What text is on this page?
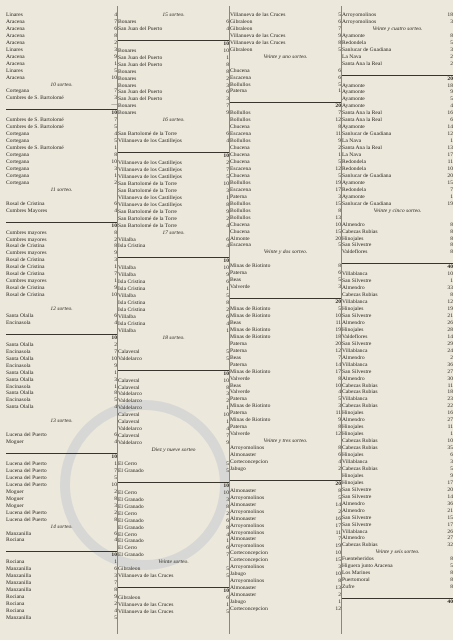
Linares	4
Aracena	7
Aracena	6
Aracena	8
Aracena	2
Linares	3
Aracena	9
Aracena	1
Linares	5
Aracena	10
10 sorteo.
Cortegana	7
Cumbres de S. Bartolomé	3
—
10
Cumbres de S. Bartolomé	7
Cumbres de S. Bartolomé	5
Cortegana	4
Cortegana	5
Cumbres de S. Bartolomé	1
Cortegana	8
Cortegana	10
Cortegana	3
Cortegana	1
Cortegana	2
11 sorteo.
Rosal de Cristina	6
Cumbres Mayores	4
10
Cumbres mayores	8
Cumbres mayores	2
Rosal de Cristina	8
Cumbres mayores	9
Rosal de Cristina	3
Rosal de Cristina	1
Rosal de Cristina	7
Cumbres mayores	1
Rosal de Cristina	9
Rosal de Cristina	10
12 sorteo.
Santa Olalla	6
Encinasola	4
10
Santa Olalla	2
Encinasola	7
Santa Olalla	10
Encinasola	9
Santa Olalla	1
Santa Olalla	3
Encinasola	1
Santa Olalla	8
Encinasola	5
Santa Olalla	4
13 sorteo.
Lucena del Puerto	6
Moguer	4
10
Lucena del Puerto	1
Lucena del Puerto	7
Lucena del Puerto	5
Lucena del Puerto	10
Moguer	2
Moguer	8
Moguer	3
Lucena del Puerto	2
Lucena del Puerto	8
14 sorteo.
Manzanilla	6
Rociana	4
10
Rociana	1
Manzanilla	6
Manzanilla	3
Manzanilla	7
Manzanilla	8
Rociana	9
Rociana	2
Rociana	4
Manzanilla	5
15 sorteo.
Bonares	6
San Juan del Puerto	4
10
Bonares	10
San Juan del Puerto	1
San Juan del Puerto	8
Bonares	8
Bonares	2
Bonares	3
San Juan del Puerto	6
San Juan del Puerto	3
Bonares	7
Bonares	9
16 sorteo.
San Bartolomé de la Torre	6
Villanueva de los Castillejos	4
10
Villanueva de los Castillejos	2
Villanueva de los Castillejos	7
Villanueva de los Castillejos	5
San Bartolomé de la Torre	10
San Bartolomé de la Torre	3
Villanueva de los Castillejos	1
Villanueva de los Castillejos	8
San Bartolomé de la Torre	9
San Bartolomé de la Torre	2
San Bartolomé de la Torre	4
17 sorteo.
Villalba	6
Isla Cristina	4
10
Villalba	10
Villalba	9
Isla Cristina	6
Isla Cristina	1
Villalba	5
Isla Cristina	8
Isla Cristina	2
Villalba	6
Isla Cristina	4
Villalba	1
18 sorteo.
Calaveral	5
Valdelarco	5
10
Calaveral	10
Calaveral	8
Valdelarco	3
Valdelarco	2
Valdelarco	1
Calaveral	10
Calaveral	1
Valdelarco	4
Calaveral	7
Valdelarco	9
Diez y nueve sorteo
El Cerro	5
El Granado	5
10
El Cerro	10
El Granado	3
El Granado	8
El Cerro	2
El Granado	6
El Granado	8
El Cerro	4
El Granado	1
El Cerro	6
El Granado	7
Veinte sorteo.
Gibraleon	5
Villanueva de las Cruces	5
10
Gibraleon	6
Villanueva de las Cruces	1
Villanueva de las Cruces	5
Villanueva de las Cruces	5
Gibraleon	6
Gibraleon	7
Villanueva de las Cruces	9
Villanueva de las Cruces	8
Gibraleon	5
Veinte y uno sorteo.
Chucena	6
Escacena	6
Bollullos	5
Paterna	1
20
Bollullos	7
Bollullos	12
Chucena	8
Escacena	11
Bollullos	9
Chucena	2
Chucena	1
Chucena	5
Escacena	12
Chucena	5
Bollullos	19
Escacena	17
Paterna	3
Bollullos	15
Bollullos	8
Bollullos	13
Chucena	10
Chucena	15
Almonte	20
Escacena	5
Veinte y dos sorteo.
Minas de Riotinto	8
Paterna	6
Beas	5
Valverde	3
20
Minas de Riotinto	5
Minas de Riotinto	10
Beas	11
Minas de Riotinto	19
Minas de Riotinto	18
Paterna	20
Paterna	12
Beas	7
Paterna	14
Minas de Riotinto	17
Valverde	8
Beas	10
Valverde	4
Paterna	5
Minas de Riotinto	3
Paterna	11
Minas de Riotinto	9
Paterna	8
Valverde	12
Veinte y tres sorteo.
Arroyomolinos	8
Almonaster	6
Corteconcepcion	4
Jabugo	2
20
Almonaster	8
Arroyomolinos	5
Almonaster	14
Arroyomolinos	2
Almonaster	16
Arroyomolinos	17
Arroyomolinos	11
Almonaster	7
Arroyomolinos	19
Corteconcepcion	10
Corteconcepcion	15
Arroyomolinos	3
Jabugo	10
Arroyomolinos	8
Almonaster	13
Almonaster	2
Jabugo	1
Corteconcepcion	12
Arroyomolinos	18
Arroyomolinos	3
Veinte y cuatro sorteo.
Ayamonte	8
Redondela	5
Sanlucar de Guadiana	3
La Nava	2
Santa Ana la Real	2
20
Ayamonte	18
Ayamonte	9
Ayamonte	5
Ayamonte	4
Santa Ana la Real	16
Santa Ana la Real	6
Ayamonte	14
Sanlucar de Guadiana	12
La Nava	1
Santa Ana la Real	13
La Nava	17
Redondela	11
Redondela	10
Sanlucar de Guadiana	20
Ayamonte	15
Redondela	7
Ayamonte	1
Sanlucar de Guadiana	19
Veinte y cinco sorteo.
Almendro	8
Cabezas Rubias	8
Hinojales	8
San Silvestre	8
Valdeflores	8
40
Villablanca	10
San Silvestre	1
Almendro	33
Cabezas Rubias	8
Villablanca	12
Hinojales	19
San Silvestre	21
Almendro	26
Hinojales	28
Valdeflores	14
San Silvestre	29
Villablanca	24
Almendro	2
Villablanca	36
San Silvestre	27
Almendro	30
Cabezas Rubias	11
Cabezas Rubias	18
Villablanca	23
Cabezas Rubias	22
Hinojales	16
Almendro	27
Hinojales	11
Hinojales	1
Cabezas Rubias	10
Cabezas Rubias	35
Hinojales	6
Villablanca	3
Cabezas Rubias	5
Hinojales	9
Hinojales	17
San Silvestre	20
San Silvestre	14
Almendro	36
Almendro	21
San Silvestre	15
San Silvestre	17
Villablanca	26
Almendro	27
Cabezas Rubias	32
Veinte y seis sorteo.
Fuenteheridos	8
Higuera junto Aracena	5
Los Marines	8
Puertomoral	8
Zufre	8
40
